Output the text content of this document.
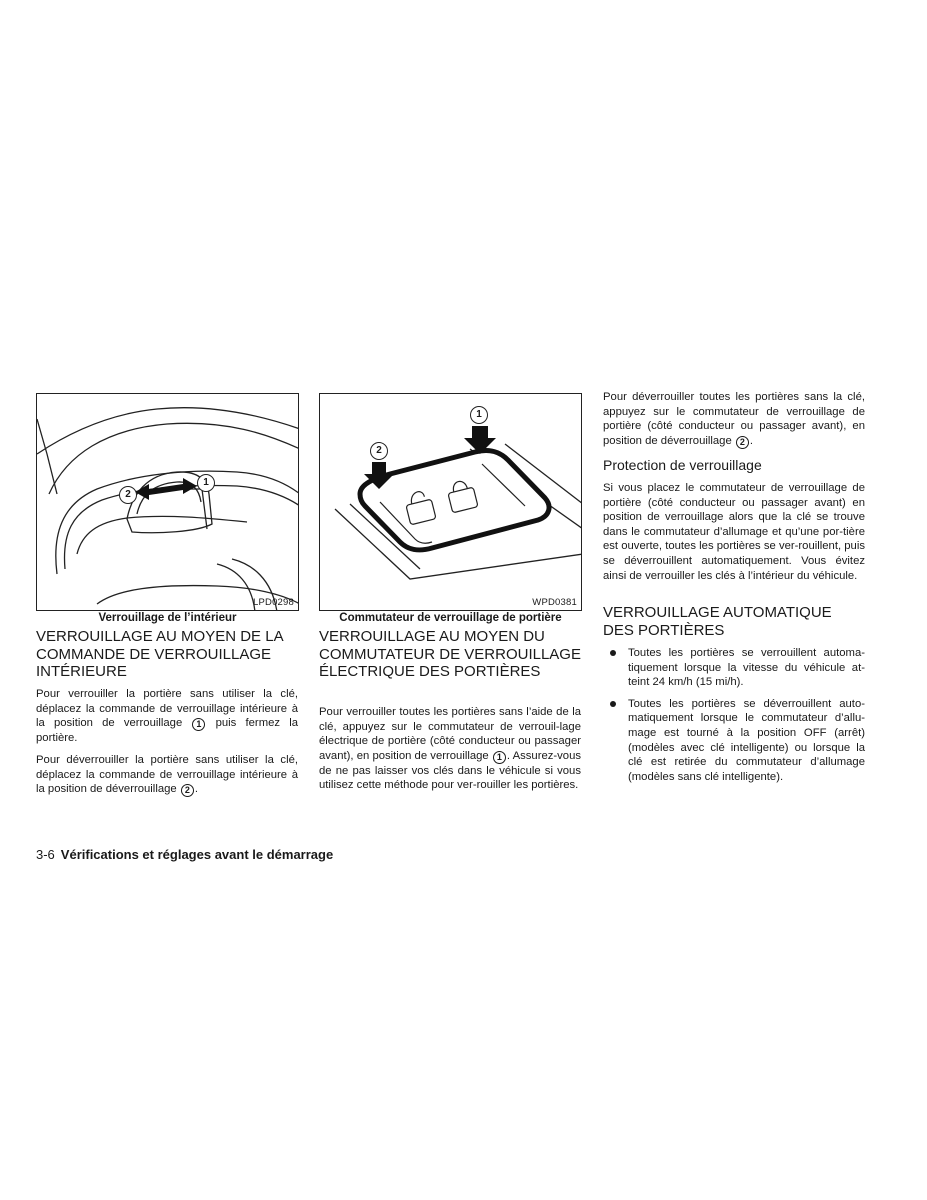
1
2
LPD0298
Verrouillage de l’intérieur
1
2
WPD0381
Commutateur de verrouillage de portière
VERROUILLAGE AU MOYEN DE LA COMMANDE DE VERROUILLAGE INTÉRIEURE

Pour verrouiller la portière sans utiliser la clé, déplacez la commande de verrouillage intérieure à la position de verrouillage 1 puis fermez la portière.

Pour déverrouiller la portière sans utiliser la clé, déplacez la commande de verrouillage intérieure à la position de déverrouillage 2 .

VERROUILLAGE AU MOYEN DU COMMUTATEUR DE VERROUILLAGE ÉLECTRIQUE DES PORTIÈRES

Pour verrouiller toutes les portières sans l’aide de la clé, appuyez sur le commutateur de verrouil-lage électrique de portière (côté conducteur ou passager avant), en position de verrouillage 1 . Assurez-vous de ne pas laisser vos clés dans le véhicule si vous utilisez cette méthode pour ver-rouiller les portières.

Pour déverrouiller toutes les portières sans la clé, appuyez sur le commutateur de verrouillage de portière (côté conducteur ou passager avant), en position de déverrouillage 2 .

Protection de verrouillage

Si vous placez le commutateur de verrouillage de portière (côté conducteur ou passager avant) en position de verrouillage alors que la clé se trouve dans le commutateur d’allumage et qu’une por-tière est ouverte, toutes les portières se ver-rouillent, puis se déverrouillent automatiquement. Vous évitez ainsi de verrouiller les clés à l’intérieur du véhicule.

VERROUILLAGE AUTOMATIQUE DES PORTIÈRES
Toutes les portières se verrouillent automa-tiquement lorsque la vitesse du véhicule at-teint 24 km/h (15 mi/h).
Toutes les portières se déverrouillent auto-matiquement lorsque le commutateur d’allu-mage est tourné à la position OFF (arrêt) (modèles avec clé intelligente) ou lorsque la clé est retirée du commutateur d’allumage (modèles sans clé intelligente).
3-6 Vérifications et réglages avant le démarrage
